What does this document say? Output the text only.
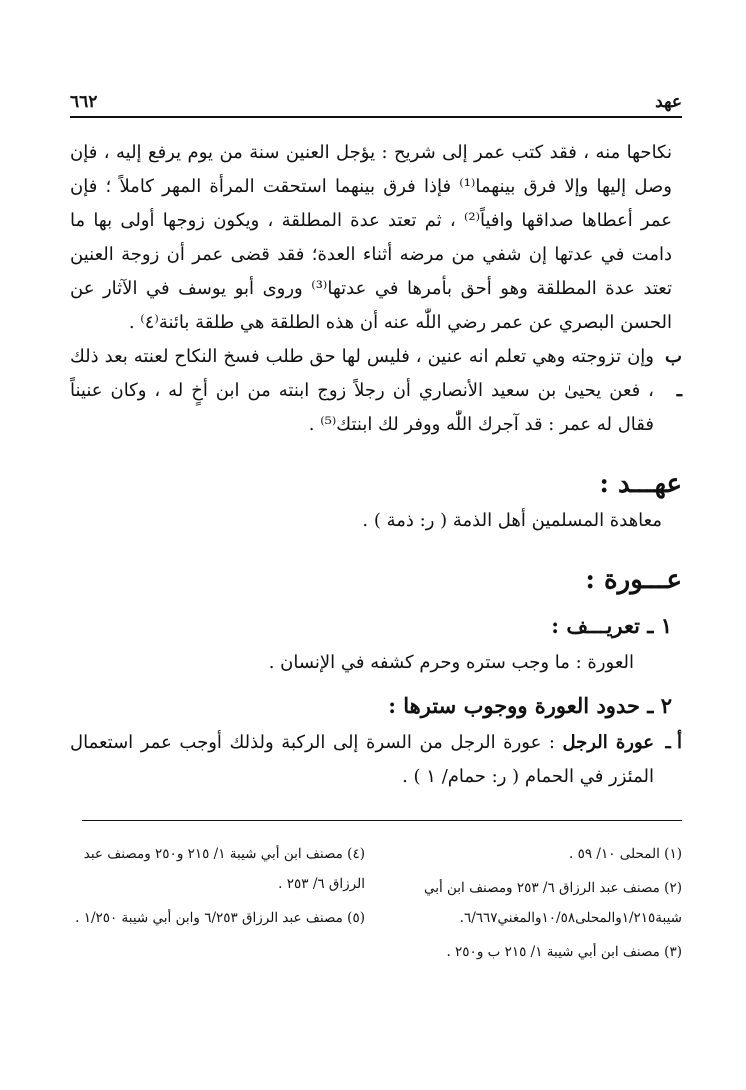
عهد
٦٦٢
نكاحها منه ، فقد كتب عمر إلى شريح : يؤجل العنين سنة من يوم يرفع إليه ، فإن وصل إليها وإلا فرق بينهما⁽¹⁾ فإذا فرق بينهما استحقت المرأة المهر كاملاً ؛ فإن عمر أعطاها صداقها وافياً⁽²⁾ ، ثم تعتد عدة المطلقة ، ويكون زوجها أولى بها ما دامت في عدتها إن شفي من مرضه أثناء العدة؛ فقد قضى عمر أن زوجة العنين تعتد عدة المطلقة وهو أحق بأمرها في عدتها⁽³⁾ وروى أبو يوسف في الآثار عن الحسن البصري عن عمر رضي اللّٰه عنه أن هذه الطلقة هي طلقة بائنة⁽٤⁾ .
ب ـ
وإن تزوجته وهي تعلم انه عنين ، فليس لها حق طلب فسخ النكاح لعنته بعد ذلك ، فعن يحيىٰ بن سعيد الأنصاري أن رجلاً زوج ابنته من ابن أخٍ له ، وكان عنيناً فقال له عمر : قد آجرك اللّٰه ووفر لك ابنتك⁽⁵⁾ .
عهـــد :
معاهدة المسلمين أهل الذمة ( ر: ذمة ) .
عـــورة :
١ ـ تعريـــف :
العورة : ما وجب ستره وحرم كشفه في الإنسان .
٢ ـ حدود العورة ووجوب سترها :
أ ـ
عورة الرجل : عورة الرجل من السرة إلى الركبة ولذلك أوجب عمر استعمال المئزر في الحمام ( ر: حمام/ ١ ) .
(١) المحلى ١٠/ ٥٩ .
(٢) مصنف عبد الرزاق ٦/ ٢٥٣ ومصنف ابن أبي شيبة١/٢١٥والمحلى١٠/٥٨والمغني٦/٦٦٧.
(٣) مصنف ابن أبي شيبة ١/ ٢١٥ ب و٢٥٠ .
(٤) مصنف ابن أبي شيبة ١/ ٢١٥ و٢٥٠ ومصنف عبد الرزاق ٦/ ٢٥٣ .
(٥) مصنف عبد الرزاق ٦/٢٥٣ وابن أبي شيبة ١/٢٥٠ .
